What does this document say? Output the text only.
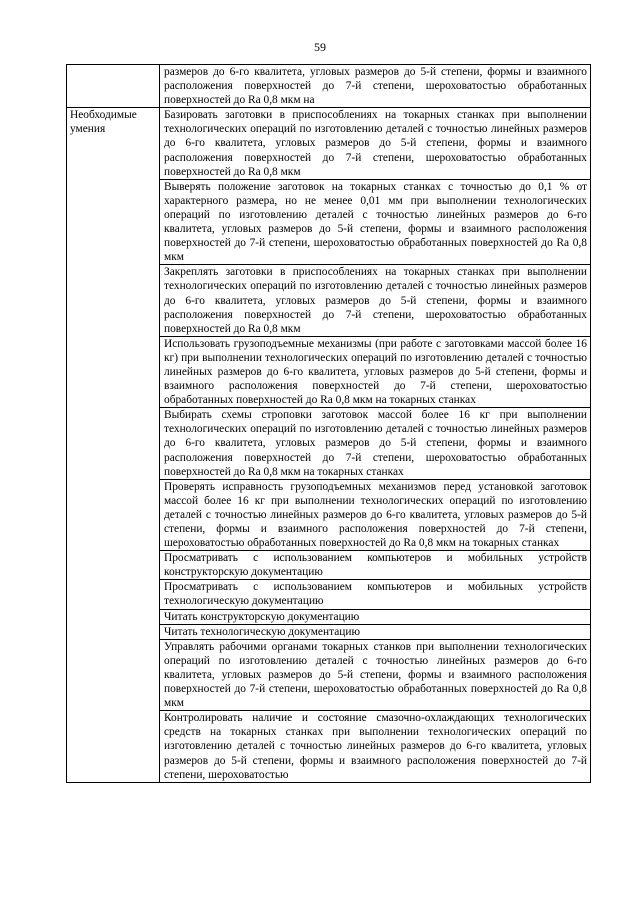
59
	размеров до 6-го квалитета, угловых размеров до 5-й степени, формы и взаимного расположения поверхностей до 7-й степени, шероховатостью обработанных поверхностей до Ra 0,8 мкм на
Необходимые умения	Базировать заготовки в приспособлениях на токарных станках при выполнении технологических операций по изготовлению деталей с точностью линейных размеров до 6-го квалитета, угловых размеров до 5-й степени, формы и взаимного расположения поверхностей до 7-й степени, шероховатостью обработанных поверхностей до Ra 0,8 мкм
	Выверять положение заготовок на токарных станках с точностью до 0,1 % от характерного размера, но не менее 0,01 мм при выполнении технологических операций по изготовлению деталей с точностью линейных размеров до 6-го квалитета, угловых размеров до 5-й степени, формы и взаимного расположения поверхностей до 7-й степени, шероховатостью обработанных поверхностей до Ra 0,8 мкм
	Закреплять заготовки в приспособлениях на токарных станках при выполнении технологических операций по изготовлению деталей с точностью линейных размеров до 6-го квалитета, угловых размеров до 5-й степени, формы и взаимного расположения поверхностей до 7-й степени, шероховатостью обработанных поверхностей до Ra 0,8 мкм
	Использовать грузоподъемные механизмы (при работе с заготовками массой более 16 кг) при выполнении технологических операций по изготовлению деталей с точностью линейных размеров до 6-го квалитета, угловых размеров до 5-й степени, формы и взаимного расположения поверхностей до 7-й степени, шероховатостью обработанных поверхностей до Ra 0,8 мкм на токарных станках
	Выбирать схемы строповки заготовок массой более 16 кг при выполнении технологических операций по изготовлению деталей с точностью линейных размеров до 6-го квалитета, угловых размеров до 5-й степени, формы и взаимного расположения поверхностей до 7-й степени, шероховатостью обработанных поверхностей до Ra 0,8 мкм на токарных станках
	Проверять исправность грузоподъемных механизмов перед установкой заготовок массой более 16 кг при выполнении технологических операций по изготовлению деталей с точностью линейных размеров до 6-го квалитета, угловых размеров до 5-й степени, формы и взаимного расположения поверхностей до 7-й степени, шероховатостью обработанных поверхностей до Ra 0,8 мкм на токарных станках
	Просматривать с использованием компьютеров и мобильных устройств конструкторскую документацию
	Просматривать с использованием компьютеров и мобильных устройств технологическую документацию
	Читать конструкторскую документацию
	Читать технологическую документацию
	Управлять рабочими органами токарных станков при выполнении технологических операций по изготовлению деталей с точностью линейных размеров до 6-го квалитета, угловых размеров до 5-й степени, формы и взаимного расположения поверхностей до 7-й степени, шероховатостью обработанных поверхностей до Ra 0,8 мкм
	Контролировать наличие и состояние смазочно-охлаждающих технологических средств на токарных станках при выполнении технологических операций по изготовлению деталей с точностью линейных размеров до 6-го квалитета, угловых размеров до 5-й степени, формы и взаимного расположения поверхностей до 7-й степени, шероховатостью
